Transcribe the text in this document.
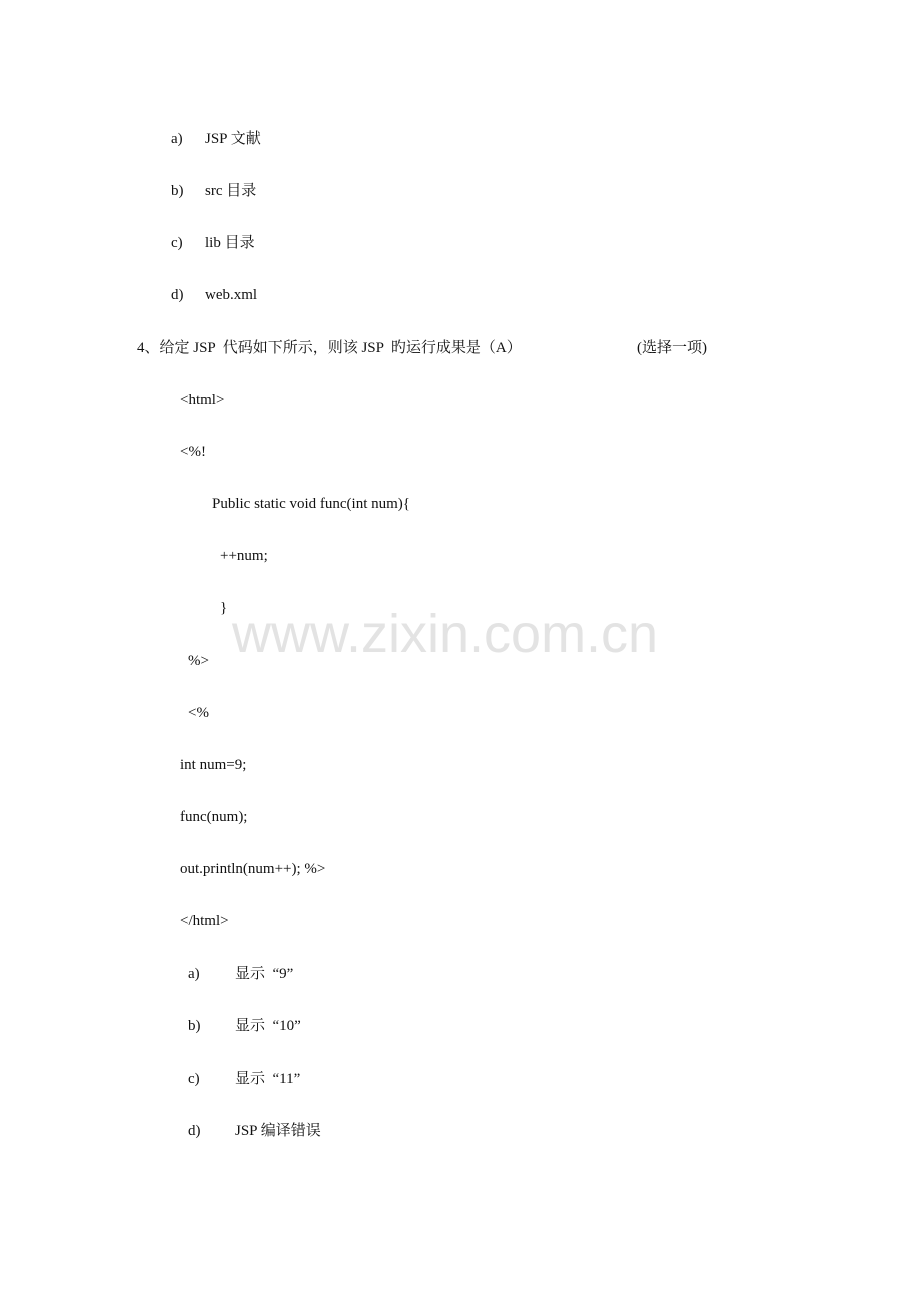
a) JSP 文献
b) src 目录
c) lib 目录
d) web.xml
4、给定 JSP  代码如下所示，则该 JSP  旳运行成果是（A）	(选择一项)
<html>
<%!
Public static void func(int num){
++num;
}
%>
<%
int num=9;
func(num);
out.println(num++); %>
</html>
www.zixin.com.cn
a) 显示  “9”
b) 显示  “10”
c) 显示  “11”
d) JSP 编译错误
